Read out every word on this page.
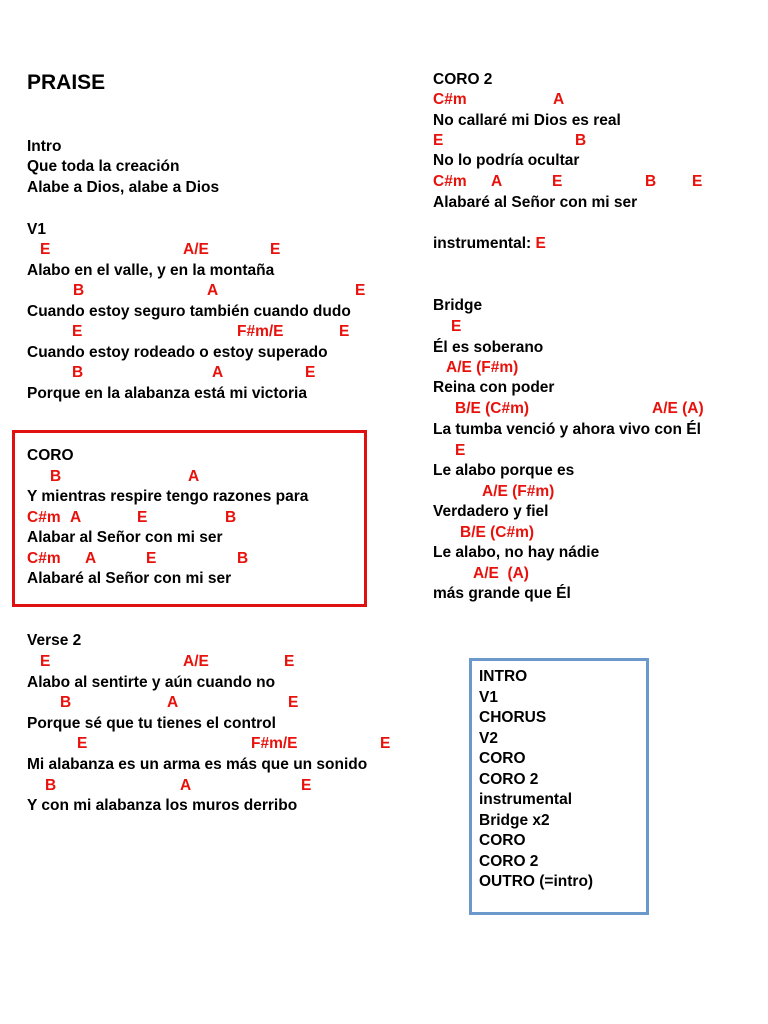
PRAISE
Intro
Que toda la creación
Alabe a Dios, alabe a Dios
V1
E	A/E	E
Alabo en el valle, y en la montaña
B	A	E
Cuando estoy seguro también cuando dudo
E	F#m/E	E
Cuando estoy rodeado o estoy superado
B	A	E
Porque en la alabanza está mi victoria
CORO
B	A
Y mientras respire tengo razones para
C#m A	E	B
Alabar al Señor con mi ser
C#m A	E	B
Alabaré al Señor con mi ser
Verse 2
E	A/E	E
Alabo al sentirte y aún cuando no
B	A	E
Porque sé que tu tienes el control
E	F#m/E	E
Mi alabanza es un arma es más que un sonido
B	A	E
Y con mi alabanza los muros derribo
CORO 2
C#m	A
No callaré mi Dios es real
E	B
No lo podría ocultar
C#m A	E	B E
Alabaré al Señor con mi ser
instrumental: E
Bridge
E
Él es soberano
A/E (F#m)
Reina con poder
B/E (C#m)	A/E (A)
La tumba venció y ahora vivo con Él
E
Le alabo porque es
A/E (F#m)
Verdadero y fiel
B/E (C#m)
Le alabo, no hay nádie
A/E  (A)
más grande que Él
INTRO
V1
CHORUS
V2
CORO
CORO 2
instrumental
Bridge x2
CORO
CORO 2
OUTRO (=intro)
